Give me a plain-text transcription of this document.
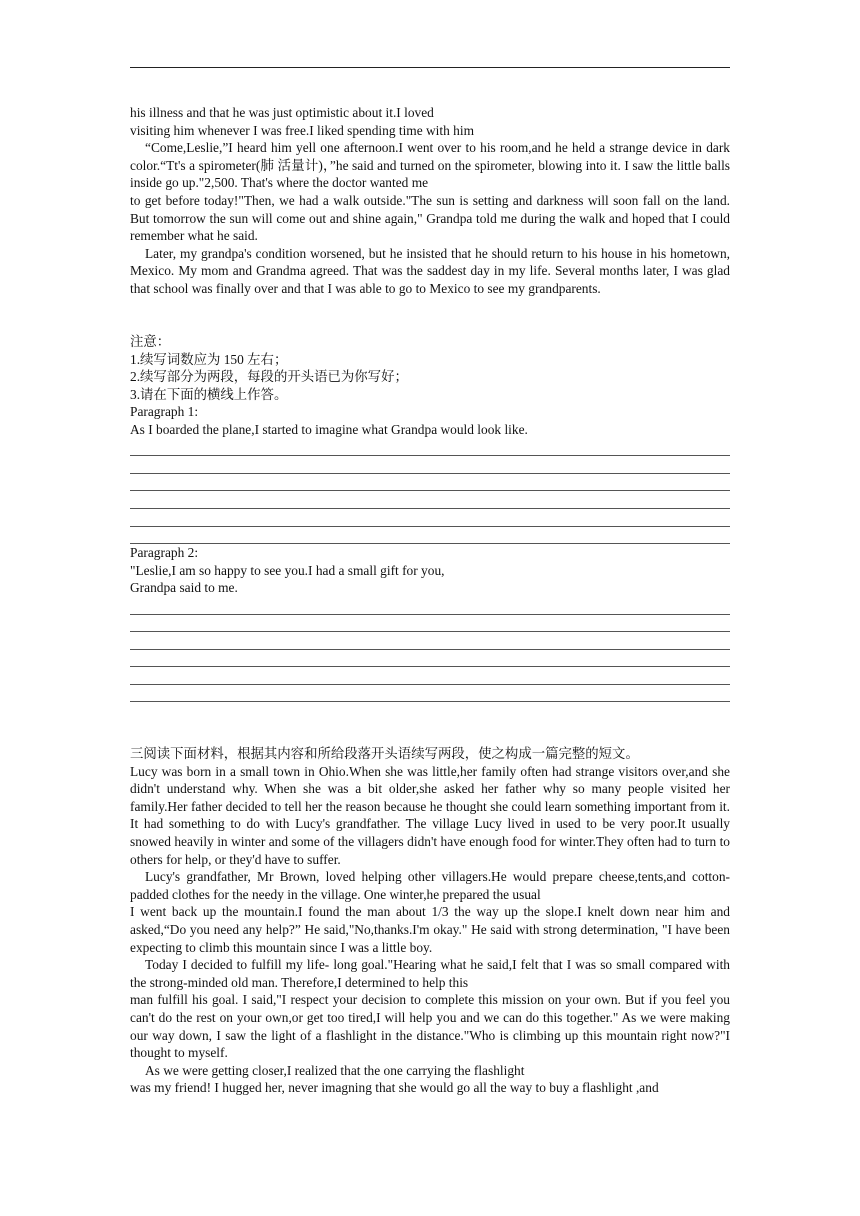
his illness and that he was just optimistic about it.I loved

visiting him whenever I was free.I liked spending time with him

“Come,Leslie,”I heard him yell one afternoon.I went over to his room,and he held a strange device in dark color.“Tt's a spirometer(肺 活量计)，”he said and turned on the spirometer, blowing into it. I saw the little balls inside go up."2,500. That's where the doctor wanted me

to get before today!"Then, we had a walk outside."The sun is setting and darkness will soon fall on the land. But tomorrow the sun will come out and shine again," Grandpa told me during the walk and hoped that I could remember what he said.

Later, my grandpa's condition worsened, but he insisted that he should return to his house in his hometown, Mexico. My mom and Grandma agreed. That was the saddest day in my life. Several months later, I was glad that school was finally over and that I was able to go to Mexico to see my grandparents.

注意：

1.续写词数应为 150 左右；

2.续写部分为两段，每段的开头语已为你写好；

3.请在下面的横线上作答。

Paragraph 1:

As I boarded the plane,I started to imagine what Grandpa would look like.

Paragraph 2:

"Leslie,I am so happy to see you.I had a small gift for you,

Grandpa said to me.

三阅读下面材料，根据其内容和所给段落开头语续写两段，使之构成一篇完整的短文。

Lucy was born in a small town in Ohio.When she was little,her family often had strange visitors over,and she didn't understand why. When she was a bit older,she asked her father why so many people visited her family.Her father decided to tell her the reason because he thought she could learn something important from it. It had something to do with Lucy's grandfather. The village Lucy lived in used to be very poor.It usually snowed heavily in winter and some of the villagers didn't have enough food for winter.They often had to turn to others for help, or they'd have to suffer.

Lucy's grandfather, Mr Brown, loved helping other villagers.He would prepare cheese,tents,and cotton-padded clothes for the needy in the village. One winter,he prepared the usual

I went back up the mountain.I found the man about 1/3 the way up the slope.I knelt down near him and asked,“Do you need any help?” He said,"No,thanks.I'm okay." He said with strong determination, "I have been expecting to climb this mountain since I was a little boy.

Today I decided to fulfill my life- long goal."Hearing what he said,I felt that I was so small compared with the strong-minded old man. Therefore,I determined to help this

man fulfill his goal. I said,"I respect your decision to complete this mission on your own. But if you feel you can't do the rest on your own,or get too tired,I will help you and we can do this together." As we were making our way down, I saw the light of a flashlight in the distance."Who is climbing up this mountain right now?"I thought to myself.

As we were getting closer,I realized that the one carrying the flashlight

was my friend! I hugged her, never imagning that she would go all the way to buy a flashlight ,and
